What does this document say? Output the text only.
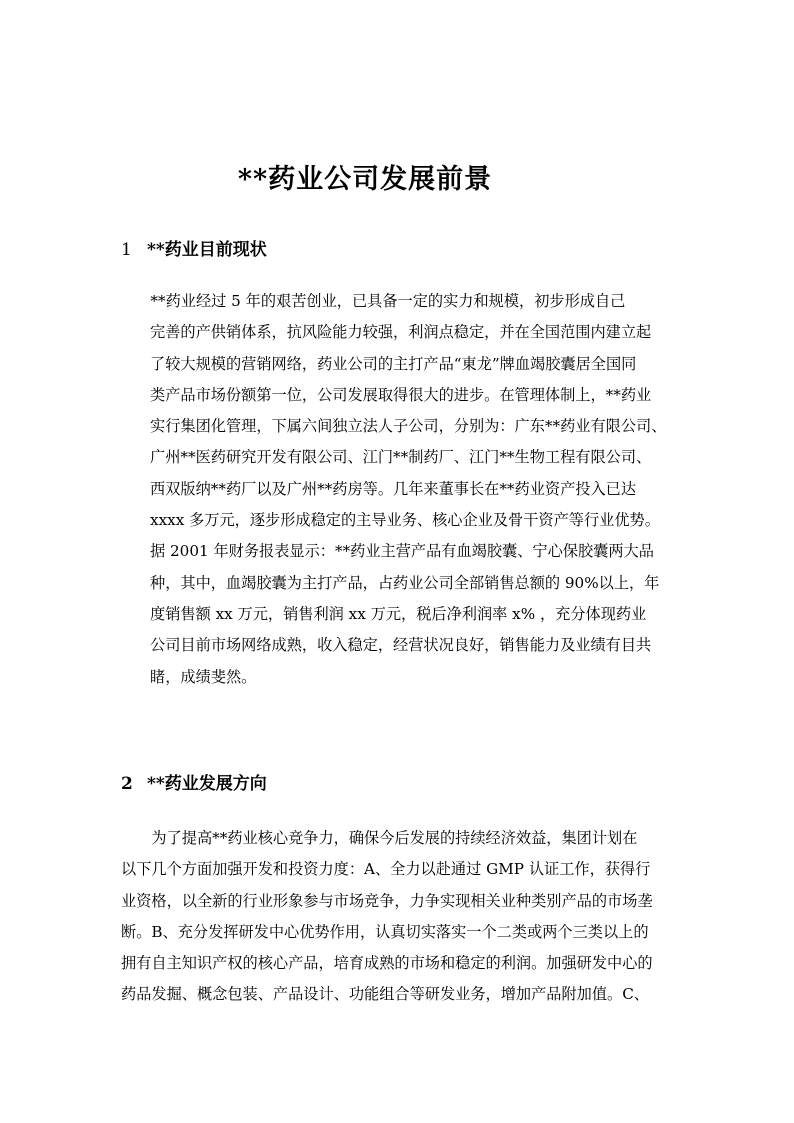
**药业公司发展前景
1 **药业目前现状
　　**药业经过 5 年的艰苦创业，已具备一定的实力和规模，初步形成自己
完善的产供销体系，抗风险能力较强，利润点稳定，并在全国范围内建立起
了较大规模的营销网络，药业公司的主打产品“東龙”牌血竭胶囊居全国同
类产品市场份额第一位，公司发展取得很大的进步。在管理体制上，**药业
实行集团化管理，下属六间独立法人子公司，分别为：广东**药业有限公司、
广州**医药研究开发有限公司、江门**制药厂、江门**生物工程有限公司、
西双版纳**药厂以及广州**药房等。几年来董事长在**药业资产投入已达
xxxx 多万元，逐步形成稳定的主导业务、核心企业及骨干资产等行业优势。
据 2001 年财务报表显示：**药业主营产品有血竭胶囊、宁心保胶囊两大品
种，其中，血竭胶囊为主打产品，占药业公司全部销售总额的 90%以上，年
度销售额 xx 万元，销售利润 xx 万元，税后净利润率 x% ，充分体现药业
公司目前市场网络成熟，收入稳定，经营状况良好，销售能力及业绩有目共
睹，成绩斐然。
2 **药业发展方向
　　为了提高**药业核心竞争力，确保今后发展的持续经济效益，集团计划在
以下几个方面加强开发和投资力度：A、全力以赴通过 GMP 认证工作，获得行
业资格，以全新的行业形象参与市场竞争，力争实现相关业种类别产品的市场垄
断。B、充分发挥研发中心优势作用，认真切实落实一个二类或两个三类以上的
拥有自主知识产权的核心产品，培育成熟的市场和稳定的利润。加强研发中心的
药品发掘、概念包装、产品设计、功能组合等研发业务，增加产品附加值。C、
